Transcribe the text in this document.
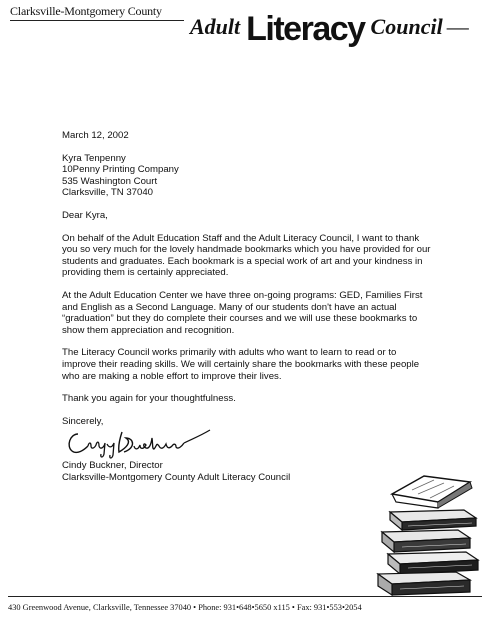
Clarksville-Montgomery County
Adult Literacy Council —

March 12, 2002

Kyra Tenpenny
10Penny Printing Company
535 Washington Court
Clarksville, TN 37040

Dear Kyra,

On behalf of the Adult Education Staff and the Adult Literacy Council, I want to thank you so very much for the lovely handmade bookmarks which you have provided for our students and graduates. Each bookmark is a special work of art and your kindness in providing them is certainly appreciated.

At the Adult Education Center we have three on-going programs: GED, Families First and English as a Second Language. Many of our students don't have an actual “graduation” but they do complete their courses and we will use these bookmarks to show them appreciation and recognition.

The Literacy Council works primarily with adults who want to learn to read or to improve their reading skills. We will certainly share the bookmarks with these people who are making a noble effort to improve their lives.

Thank you again for your thoughtfulness.

Sincerely,

Cindy Buckner, Director
Clarksville-Montgomery County Adult Literacy Council
430 Greenwood Avenue, Clarksville, Tennessee 37040 • Phone: 931•648•5650 x115 • Fax: 931•553•2054
